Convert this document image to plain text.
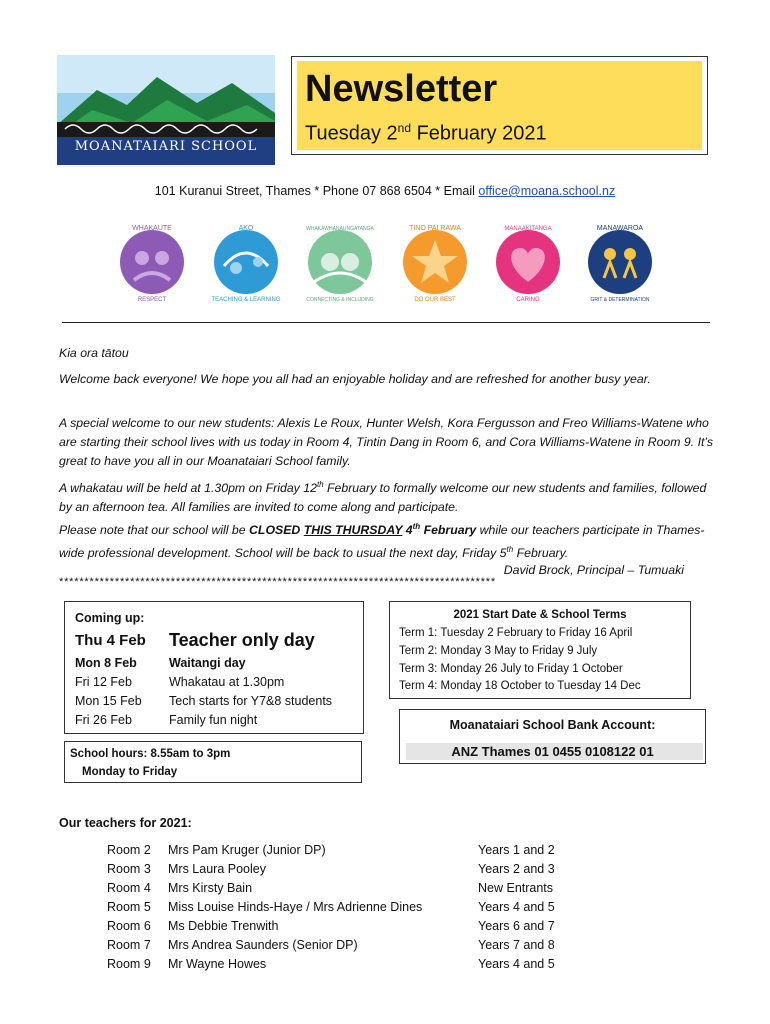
MOANATAIARI SCHOOL
Newsletter
Tuesday 2nd February 2021
101 Kuranui Street, Thames * Phone 07 868 6504 * Email office@moana.school.nz
WHAKAUTE
RESPECT
AKO
TEACHING & LEARNING
WHAKAWHANAUNGATANGA
CONNECTING & INCLUDING
TINO PAI RAWA
DO OUR BEST
MANAAKITANGA
CARING
MANAWAROA
GRIT & DETERMINATION
Kia ora tātou
Welcome back everyone! We hope you all had an enjoyable holiday and are refreshed for another busy year.
A special welcome to our new students: Alexis Le Roux, Hunter Welsh, Kora Fergusson and Freo Williams-Watene who are starting their school lives with us today in Room 4, Tintin Dang in Room 6, and Cora Williams-Watene in Room 9. It’s great to have you all in our Moanataiari School family.
A whakatau will be held at 1.30pm on Friday 12th February to formally welcome our new students and families, followed by an afternoon tea. All families are invited to come along and participate.
Please note that our school will be CLOSED THIS THURSDAY 4th February while our teachers participate in Thames-wide professional development. School will be back to usual the next day, Friday 5th February.
David Brock, Principal – Tumuaki
**************************************************************************************
Coming up:
Thu 4 Feb Teacher only day
Mon 8 Feb	Waitangi day
Fri 12 Feb	Whakatau at 1.30pm
Mon 15 Feb Tech starts for Y7&8 students
Fri 26 Feb	Family fun night
School hours: 8.55am to 3pm
Monday to Friday
2021 Start Date & School Terms
Term 1: Tuesday 2 February to Friday 16 April
Term 2: Monday 3 May to Friday 9 July
Term 3: Monday 26 July to Friday 1 October
Term 4: Monday 18 October to Tuesday 14 Dec
Moanataiari School Bank Account:
ANZ Thames 01 0455 0108122 01
Our teachers for 2021:
Room 2 Mrs Pam Kruger (Junior DP)	Years 1 and 2
Room 3 Mrs Laura Pooley	Years 2 and 3
Room 4 Mrs Kirsty Bain	New Entrants
Room 5 Miss Louise Hinds-Haye / Mrs Adrienne Dines	Years 4 and 5
Room 6 Ms Debbie Trenwith	Years 6 and 7
Room 7 Mrs Andrea Saunders (Senior DP)	Years 7 and 8
Room 9 Mr Wayne Howes	Years 4 and 5
